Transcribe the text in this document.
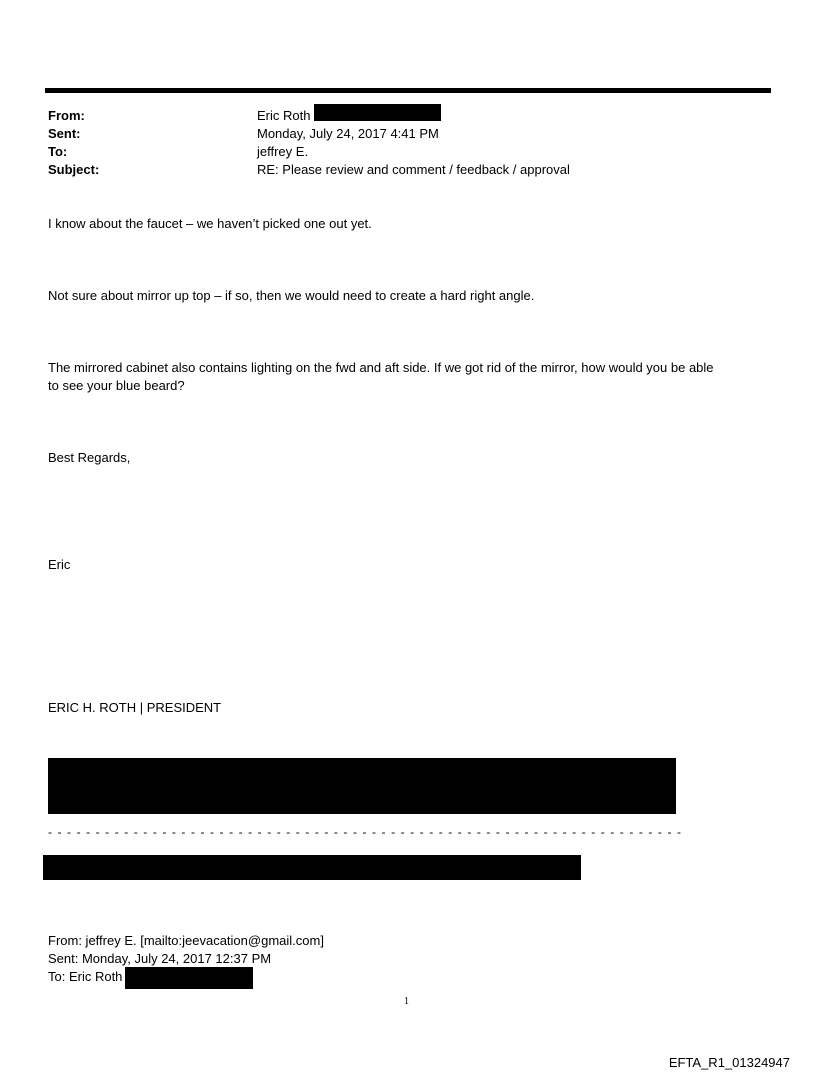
From:	Eric Roth
Sent:	Monday, July 24, 2017 4:41 PM
To:	jeffrey E.
Subject:	RE: Please review and comment / feedback / approval
I know about the faucet – we haven’t picked one out yet.
Not sure about mirror up top – if so, then we would need to create a hard right angle.
The mirrored cabinet also contains lighting on the fwd and aft side. If we got rid of the mirror, how would you be able
to see your blue beard?
Best Regards,
Eric
ERIC H. ROTH | PRESIDENT
- - - - - - - - - - - - - - - - - - - - - - - - - - - - - - - - - - - - - - - - - - - - - - - - - - - - - - - - - - - - - - - - - - -
From: jeffrey E. [mailto:jeevacation@gmail.com]
Sent: Monday, July 24, 2017 12:37 PM
To: Eric Roth
1
EFTA_R1_01324947
